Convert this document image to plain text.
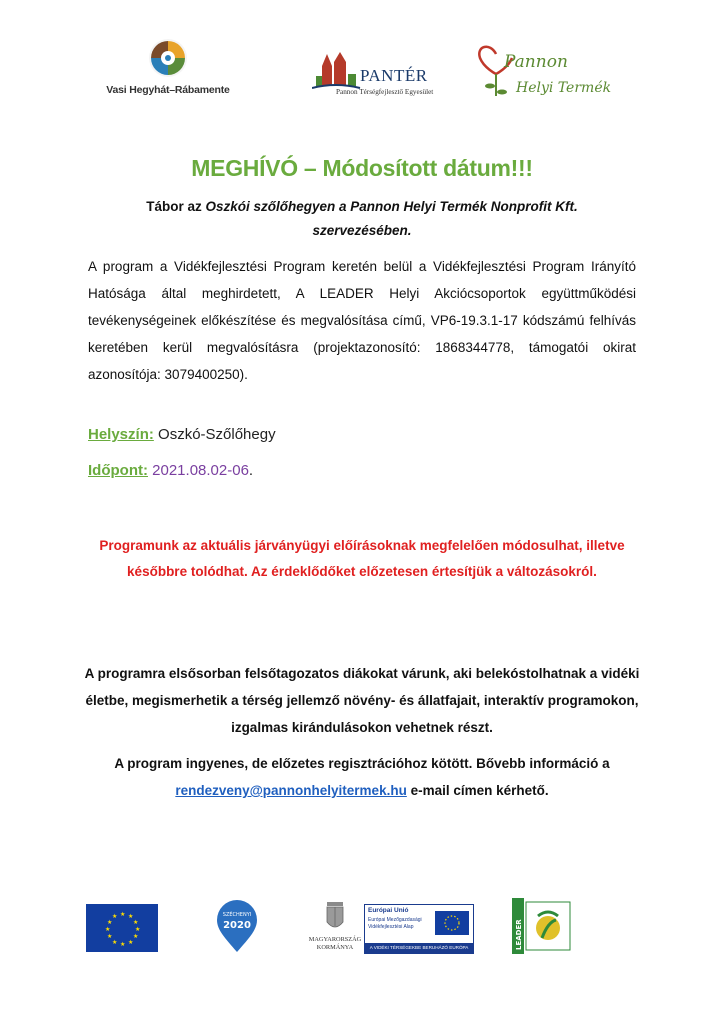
Vasi Hegyhát–Rábamente
PANTÉR
Pannon Térségfejlesztő Egyesület
Pannon
Helyi Termék
MEGHÍVÓ – Módosított dátum!!!
Tábor az Oszkói szőlőhegyen a Pannon Helyi Termék Nonprofit Kft. szervezésében.
A program a Vidékfejlesztési Program keretén belül a Vidékfejlesztési Program Irányító Hatósága által meghirdetett, A LEADER Helyi Akciócsoportok együttműködési tevékenységeinek előkészítése és megvalósítása című, VP6-19.3.1-17 kódszámú felhívás keretében kerül megvalósításra (projektazonosító: 1868344778, támogatói okirat azonosítója: 3079400250).
Helyszín: Oszkó-Szőlőhegy
Időpont: 2021.08.02-06.
Programunk az aktuális járványügyi előírásoknak megfelelően módosulhat, illetve későbbre tolódhat. Az érdeklődőket előzetesen értesítjük a változásokról.
A programra elsősorban felsőtagozatos diákokat várunk, aki belekóstolhatnak a vidéki életbe, megismerhetik a térség jellemző növény- és állatfajait, interaktív programokon, izgalmas kirándulásokon vehetnek részt.
A program ingyenes, de előzetes regisztrációhoz kötött. Bővebb információ a rendezveny@pannonhelyitermek.hu e-mail címen kérhető.
★ ★
★
★
★
★
★
★
★
★
★
★	SZÉCHENYI
2020
MAGYARORSZÁG
KORMÁNYA
Európai Unió
Európai Mezőgazdasági Vidékfejlesztési Alap
A VIDÉKI TÉRSÉGEKBE BERUHÁZÓ EURÓPA	LEADER
